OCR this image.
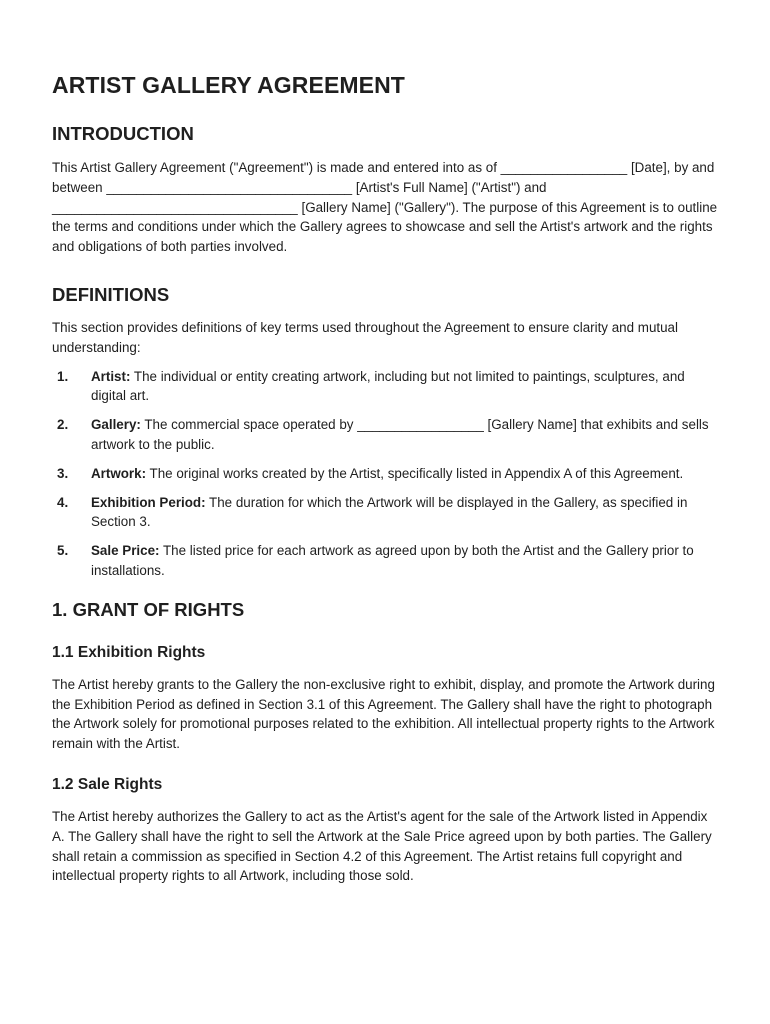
ARTIST GALLERY AGREEMENT
INTRODUCTION

This Artist Gallery Agreement ("Agreement") is made and entered into as of _________________ [Date], by and between _________________________________ [Artist's Full Name] ("Artist") and _________________________________ [Gallery Name] ("Gallery"). The purpose of this Agreement is to outline the terms and conditions under which the Gallery agrees to showcase and sell the Artist's artwork and the rights and obligations of both parties involved.

DEFINITIONS

This section provides definitions of key terms used throughout the Agreement to ensure clarity and mutual understanding:

1. Artist: The individual or entity creating artwork, including but not limited to paintings, sculptures, and digital art.
2. Gallery: The commercial space operated by _________________ [Gallery Name] that exhibits and sells artwork to the public.
3. Artwork: The original works created by the Artist, specifically listed in Appendix A of this Agreement.
4. Exhibition Period: The duration for which the Artwork will be displayed in the Gallery, as specified in Section 3.
5. Sale Price: The listed price for each artwork as agreed upon by both the Artist and the Gallery prior to installations.
1. GRANT OF RIGHTS
1.1 Exhibition Rights

The Artist hereby grants to the Gallery the non-exclusive right to exhibit, display, and promote the Artwork during the Exhibition Period as defined in Section 3.1 of this Agreement. The Gallery shall have the right to photograph the Artwork solely for promotional purposes related to the exhibition. All intellectual property rights to the Artwork remain with the Artist.

1.2 Sale Rights

The Artist hereby authorizes the Gallery to act as the Artist's agent for the sale of the Artwork listed in Appendix A. The Gallery shall have the right to sell the Artwork at the Sale Price agreed upon by both parties. The Gallery shall retain a commission as specified in Section 4.2 of this Agreement. The Artist retains full copyright and intellectual property rights to all Artwork, including those sold.
